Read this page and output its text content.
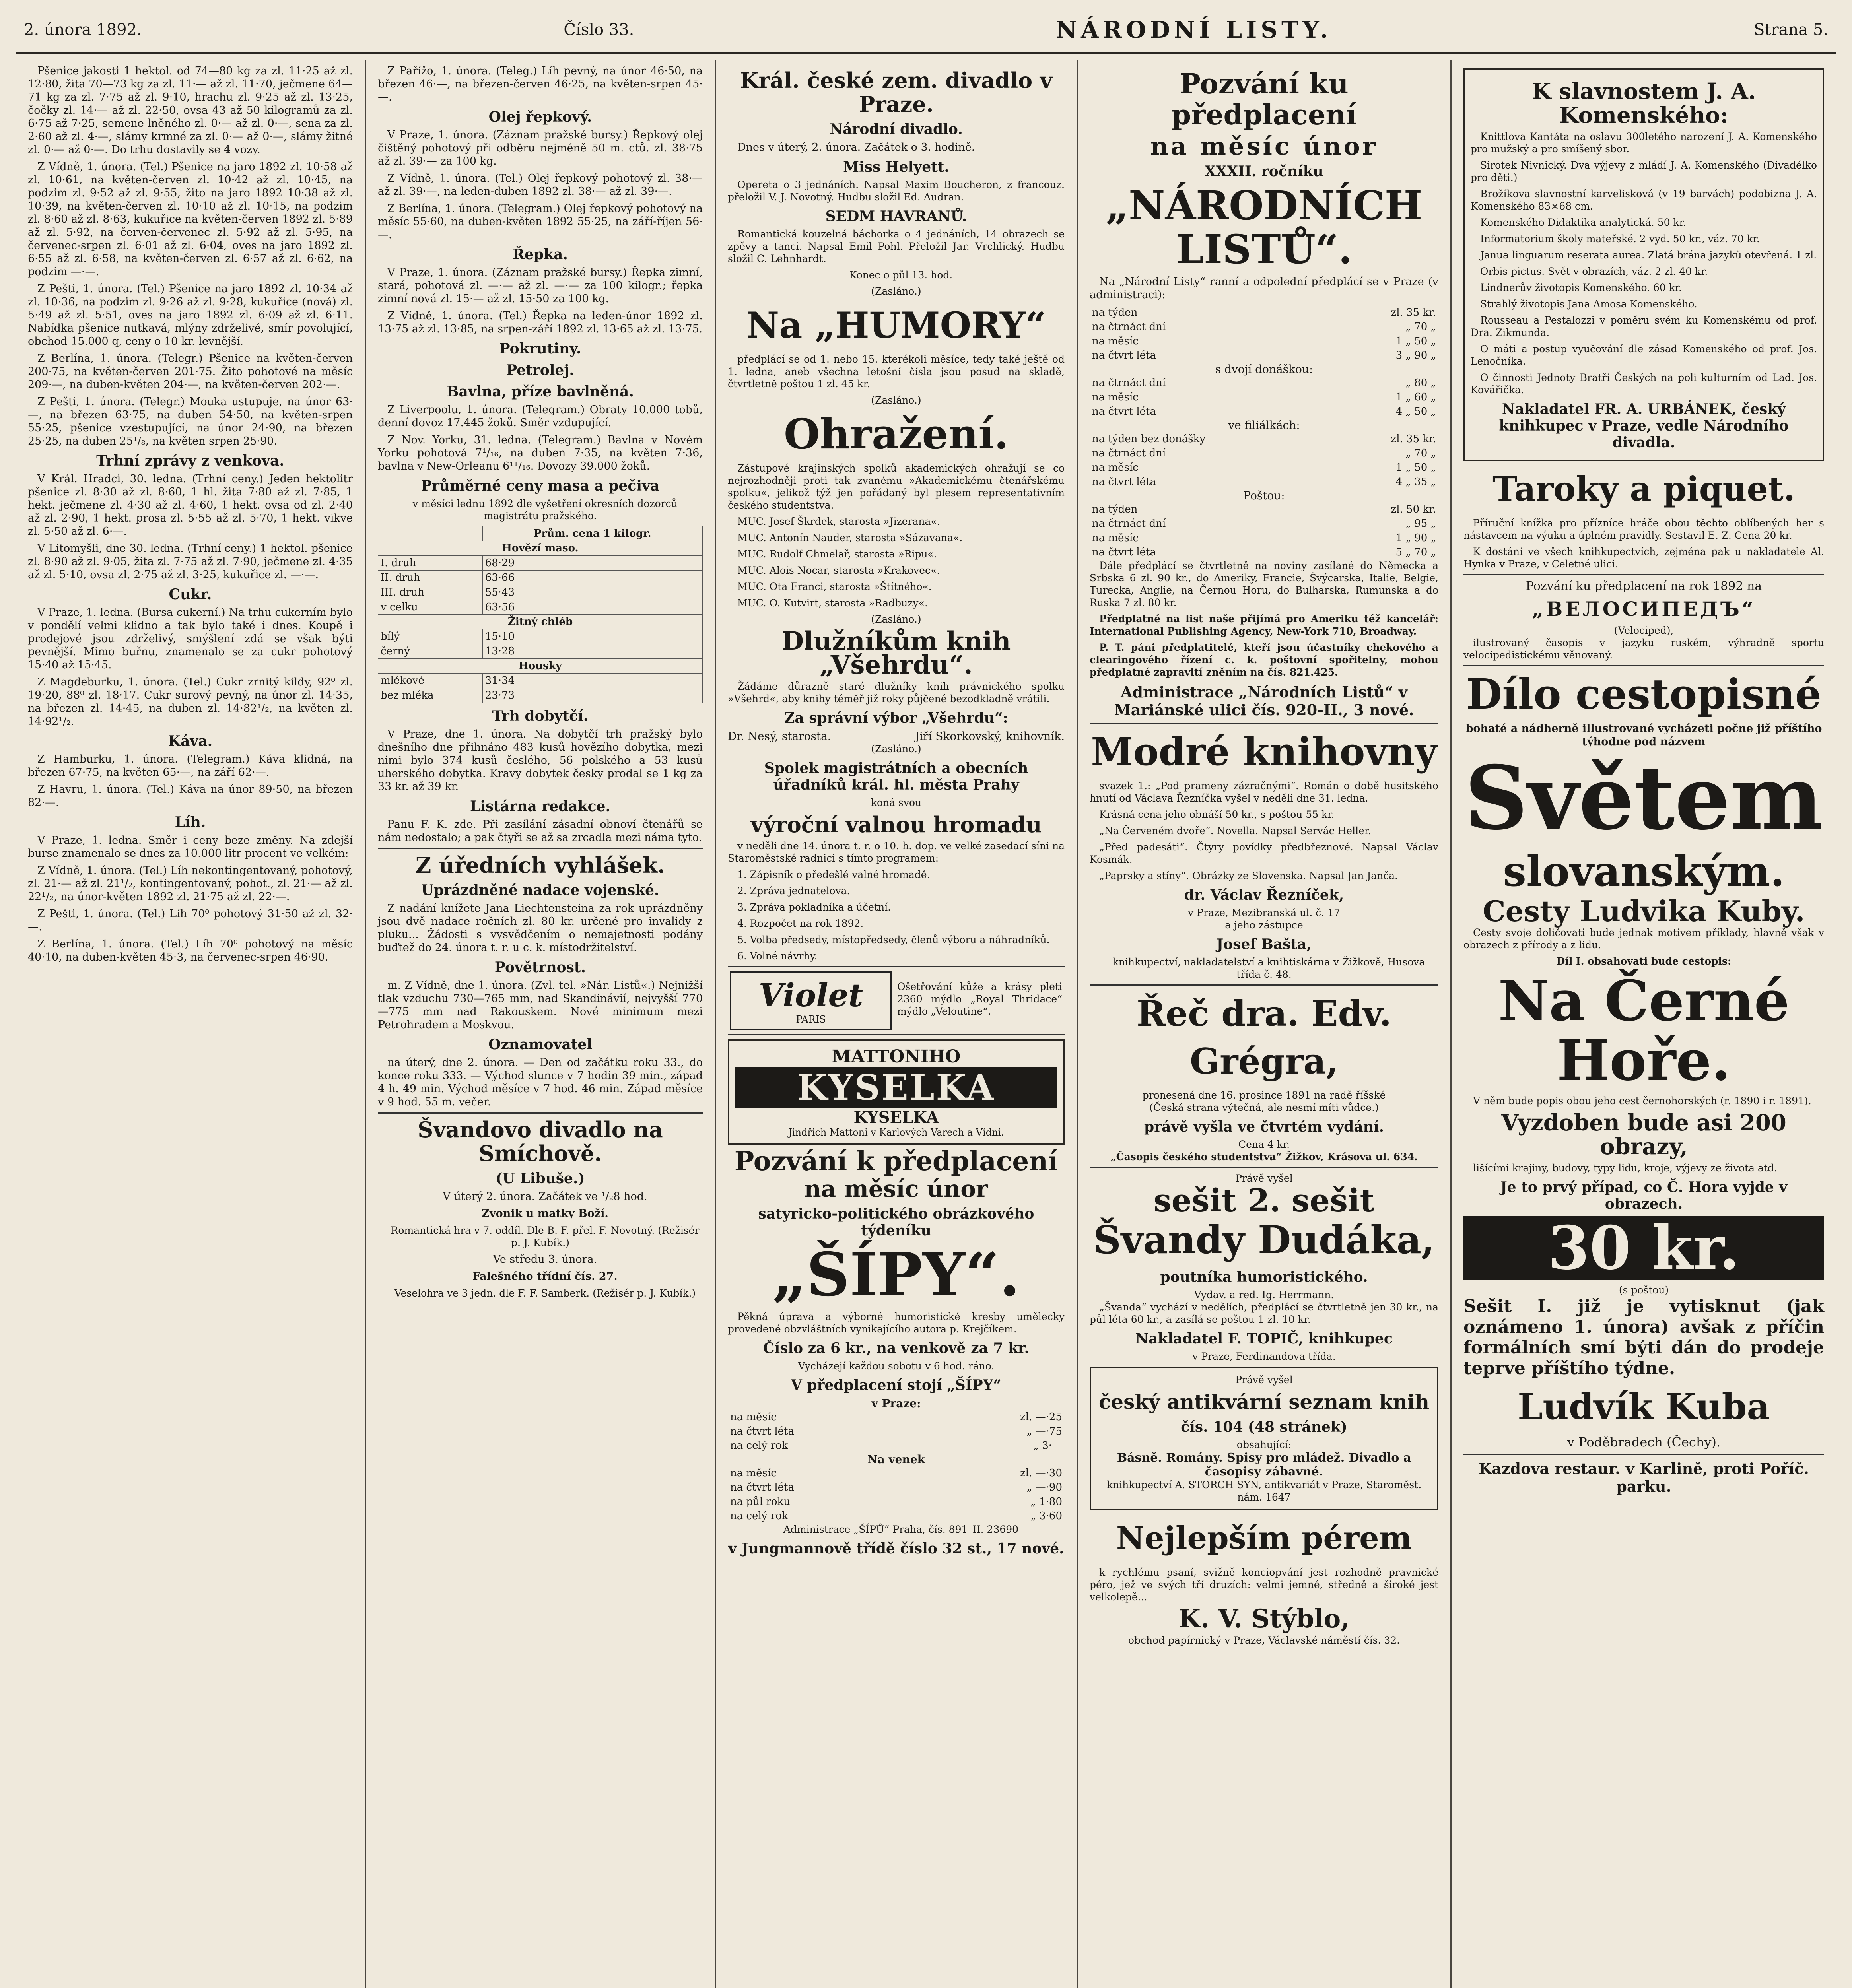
2. února 1892.	Číslo 33.	NÁRODNÍ LISTY.	Strana 5.

Pšenice jakosti 1 hektol. od 74—80 kg za zl. 11·25 až zl. 12·80, žita 70—73 kg za zl. 11·— až zl. 11·70, ječmene 64—71 kg za zl. 7·75 až zl. 9·10, hrachu zl. 9·25 až zl. 13·25, čočky zl. 14·— až zl. 22·50, ovsa 43 až 50 kilogramů za zl. 6·75 až 7·25, semene lněného zl. 0·— až zl. 0·—, sena za zl. 2·60 až zl. 4·—, slámy krmné za zl. 0·— až 0·—, slámy žitné zl. 0·— až 0·—. Do trhu dostavily se 4 vozy.

Z Vídně, 1. února. (Tel.) Pšenice na jaro 1892 zl. 10·58 až zl. 10·61, na květen-červen zl. 10·42 až zl. 10·45, na podzim zl. 9·52 až zl. 9·55, žito na jaro 1892 10·38 až zl. 10·39, na květen-červen zl. 10·10 až zl. 10·15, na podzim zl. 8·60 až zl. 8·63, kukuřice na květen-červen 1892 zl. 5·89 až zl. 5·92, na červen-červenec zl. 5·92 až zl. 5·95, na červenec-srpen zl. 6·01 až zl. 6·04, oves na jaro 1892 zl. 6·55 až zl. 6·58, na květen-červen zl. 6·57 až zl. 6·62, na podzim —·—.

Z Pešti, 1. února. (Tel.) Pšenice na jaro 1892 zl. 10·34 až zl. 10·36, na podzim zl. 9·26 až zl. 9·28, kukuřice (nová) zl. 5·49 až zl. 5·51, oves na jaro 1892 zl. 6·09 až zl. 6·11. Nabídka pšenice nutkavá, mlýny zdrželivé, smír povolující, obchod 15.000 q, ceny o 10 kr. levnější.

Z Berlína, 1. února. (Telegr.) Pšenice na květen-červen 200·75, na květen-červen 201·75. Žito pohotové na měsíc 209·—, na duben-květen 204·—, na květen-červen 202·—.

Z Pešti, 1. února. (Telegr.) Mouka ustupuje, na únor 63·—, na březen 63·75, na duben 54·50, na květen-srpen 55·25, pšenice vzestupující, na únor 24·90, na březen 25·25, na duben 25¹/₈, na květen srpen 25·90.

Trhní zprávy z venkova.

V Král. Hradci, 30. ledna. (Trhní ceny.) Jeden hektolitr pšenice zl. 8·30 až zl. 8·60, 1 hl. žita 7·80 až zl. 7·85, 1 hekt. ječmene zl. 4·30 až zl. 4·60, 1 hekt. ovsa od zl. 2·40 až zl. 2·90, 1 hekt. prosa zl. 5·55 až zl. 5·70, 1 hekt. vikve zl. 5·50 až zl. 6·—.

V Litomyšli, dne 30. ledna. (Trhní ceny.) 1 hektol. pšenice zl. 8·90 až zl. 9·05, žita zl. 7·75 až zl. 7·90, ječmene zl. 4·35 až zl. 5·10, ovsa zl. 2·75 až zl. 3·25, kukuřice zl. —·—.

Cukr.

V Praze, 1. ledna. (Bursa cukerní.) Na trhu cukerním bylo v pondělí velmi klidno a tak bylo také i dnes. Koupě i prodejové jsou zdrželivý, smýšlení zdá se však býti pevnější. Mimo buřnu, znamenalo se za cukr pohotový 15·40 až 15·45.

Z Magdeburku, 1. února. (Tel.) Cukr zrnitý kildy, 92⁰ zl. 19·20, 88⁰ zl. 18·17. Cukr surový pevný, na únor zl. 14·35, na březen zl. 14·45, na duben zl. 14·82¹/₂, na květen zl. 14·92¹/₂.

Káva.

Z Hamburku, 1. února. (Telegram.) Káva klidná, na březen 67·75, na květen 65·—, na září 62·—.

Z Havru, 1. února. (Tel.) Káva na únor 89·50, na březen 82·—.

Líh.

V Praze, 1. ledna. Směr i ceny beze změny. Na zdejší burse znamenalo se dnes za 10.000 litr procent ve velkém:

Z Vídně, 1. února. (Tel.) Líh nekontingentovaný, pohotový, zl. 21·— až zl. 21¹/₂, kontingentovaný, pohot., zl. 21·— až zl. 22¹/₂, na únor-květen 1892 zl. 21·75 až zl. 22·—.

Z Pešti, 1. února. (Tel.) Líh 70⁰ pohotový 31·50 až zl. 32·—.

Z Berlína, 1. února. (Tel.) Líh 70⁰ pohotový na měsíc 40·10, na duben-květen 45·3, na červenec-srpen 46·90.

Z Pařížo, 1. února. (Teleg.) Líh pevný, na únor 46·50, na březen 46·—, na březen-červen 46·25, na květen-srpen 45·—.

Olej řepkový.

V Praze, 1. února. (Záznam pražské bursy.) Řepkový olej čištěný pohotový při odběru nejméně 50 m. ctů. zl. 38·75 až zl. 39·— za 100 kg.

Z Vídně, 1. února. (Tel.) Olej řepkový pohotový zl. 38·— až zl. 39·—, na leden-duben 1892 zl. 38·— až zl. 39·—.

Z Berlína, 1. února. (Telegram.) Olej řepkový pohotový na měsíc 55·60, na duben-květen 1892 55·25, na září-říjen 56·—.

Řepka.

V Praze, 1. února. (Záznam pražské bursy.) Řepka zimní, stará, pohotová zl. —·— až zl. —·— za 100 kilogr.; řepka zimní nová zl. 15·— až zl. 15·50 za 100 kg.

Z Vídně, 1. února. (Tel.) Řepka na leden-únor 1892 zl. 13·75 až zl. 13·85, na srpen-září 1892 zl. 13·65 až zl. 13·75.

Pokrutiny.
Petrolej.
Bavlna, příze bavlněná.

Z Liverpoolu, 1. února. (Telegram.) Obraty 10.000 tobů, denní dovoz 17.445 žoků. Směr vzdupující.

Z Nov. Yorku, 31. ledna. (Telegram.) Bavlna v Novém Yorku pohotová 7¹/₁₆, na duben 7·35, na květen 7·36, bavlna v New-Orleanu 6¹¹/₁₆. Dovozy 39.000 žoků.

Průměrné ceny masa a pečiva

v měsíci lednu 1892 dle vyšetření okresních dozorců magistrátu pražského.

	Prům. cena 1 kilogr.
Hovězí maso.	
I. druh	68·29
II. druh	63·66
III. druh	55·43
v celku	63·56
Žitný chléb	
bílý	15·10
černý	13·28
Housky	
mlékové	31·34
bez mléka	23·73
Trh dobytčí.

V Praze, dne 1. února. Na dobytčí trh pražský bylo dnešního dne přihnáno 483 kusů hovězího dobytka, mezi nimi bylo 374 kusů česlého, 56 polského a 53 kusů uherského dobytka. Kravy dobytek česky prodal se 1 kg za 33 kr. až 39 kr.

Listárna redakce.

Panu F. K. zde. Při zasílání zásadní obnoví čtenářů se nám nedostalo; a pak čtyři se až sa zrcadla mezi náma tyto.

Z úředních vyhlášek.
Uprázdněné nadace vojenské.

Z nadání knížete Jana Liechtensteina za rok uprázdněny jsou dvě nadace ročních zl. 80 kr. určené pro invalidy z pluku... Žádosti s vysvědčením o nemajetnosti podány buďtež do 24. února t. r. u c. k. místodržitelství.

Povětrnost.

m. Z Vídně, dne 1. února. (Zvl. tel. »Nár. Listů«.) Nejnižší tlak vzduchu 730—765 mm, nad Skandinávií, nejvyšší 770—775 mm nad Rakouskem. Nové minimum mezi Petrohradem a Moskvou.

Oznamovatel

na úterý, dne 2. února. — Den od začátku roku 33., do konce roku 333. — Východ slunce v 7 hodin 39 min., západ 4 h. 49 min. Východ měsíce v 7 hod. 46 min. Západ měsíce v 9 hod. 55 m. večer.

Švandovo divadlo na Smíchově.
(U Libuše.)

V úterý 2. února. Začátek ve ¹/₂8 hod.

Zvonik u matky Boží.

Romantická hra v 7. oddíl. Dle B. F. přel. F. Novotný. (Režisér p. J. Kubík.)

Ve středu 3. února.

Falešného třídní čís. 27.

Veselohra ve 3 jedn. dle F. F. Samberk. (Režisér p. J. Kubík.)

Král. české zem. divadlo v Praze.
Národní divadlo.

Dnes v úterý, 2. února. Začátek o 3. hodině.

Miss Helyett.

Opereta o 3 jednáních. Napsal Maxim Boucheron, z francouz. přeložil V. J. Novotný. Hudbu složil Ed. Audran.

SEDM HAVRANŮ.

Romantická kouzelná báchorka o 4 jednáních, 14 obrazech se zpěvy a tanci. Napsal Emil Pohl. Přeložil Jar. Vrchlický. Hudbu složil C. Lehnhardt.

Konec o půl 13. hod.

(Zasláno.)
Na „HUMORY“

předplácí se od 1. nebo 15. kterékoli měsíce, tedy také ještě od 1. ledna, aneb všechna letošní čísla jsou posud na skladě, čtvrtletně poštou 1 zl. 45 kr.

(Zasláno.)
Ohražení.

Zástupové krajinských spolků akademických ohražují se co nejrozhodněji proti tak zvanému »Akademickému čtenářskému spolku«, jelikož týž jen pořádaný byl plesem representativním českého studentstva.

MUC. Josef Škrdek, starosta »Jizerana«.

MUC. Antonín Nauder, starosta »Sázavana«.

MUC. Rudolf Chmelař, starosta »Ripu«.

MUC. Alois Nocar, starosta »Krakovec«.

MUC. Ota Franci, starosta »Štítného«.

MUC. O. Kutvirt, starosta »Radbuzy«.

(Zasláno.)
Dlužníkům knih „Všehrdu“.

Žádáme důrazně staré dlužníky knih právnického spolku »Všehrd«, aby knihy téměř již roky půjčené bezodkladně vrátili.

Za správní výbor „Všehrdu“:
Dr. Nesý, starosta.	Jiří Skorkovský, knihovník.
(Zasláno.)
Spolek magistrátních a obecních úřadníků král. hl. města Prahy
koná svou
výroční valnou hromadu

v neděli dne 14. února t. r. o 10. h. dop. ve velké zasedací síni na Staroměstské radnici s tímto programem:

1. Zápisník o předešlé valné hromadě.

2. Zpráva jednatelova.

3. Zpráva pokladníka a účetní.

4. Rozpočet na rok 1892.

5. Volba předsedy, místopředsedy, členů výboru a náhradníků.

6. Volné návrhy.

Violet
PARIS

Ošetřování kůže a krásy pleti 2360 mýdlo „Royal Thridace“ mýdlo „Veloutine“.

MATTONIHO
KYSELKA
KYSELKA
Jindřich Mattoni v Karlových Varech a Vídni.
Pozvání k předplacení
na měsíc únor
satyricko-politického obrázkového týdeníku
„ŠÍPY“.

Pěkná úprava a výborné humoristické kresby umělecky provedené obzvláštních vynikajícího autora p. Krejčíkem.

Číslo za 6 kr., na venkově za 7 kr.
Vycházejí každou sobotu v 6 hod. ráno.
V předplacení stojí „ŠÍPY“
v Praze:
na měsíc	zl. —·25
na čtvrt léta	„ —·75
na celý rok	„ 3·—
Na venek
na měsíc	zl. —·30
na čtvrt léta	„ —·90
na půl roku	„ 1·80
na celý rok	„ 3·60

Administrace „ŠÍPŮ“ Praha, čís. 891–II. 23690

v Jungmannově třídě číslo 32 st., 17 nové.
Pozvání ku předplacení
na měsíc únor
XXXII. ročníku
„NÁRODNÍCH LISTŮ“.

Na „Národní Listy“ ranní a odpolední předplácí se v Praze (v administraci):

na týden	zl. 35 kr.
na čtrnáct dní	„ 70 „
na měsíc	1 „ 50 „
na čtvrt léta	3 „ 90 „
s dvojí donáškou:
na čtrnáct dní	„ 80 „
na měsíc	1 „ 60 „
na čtvrt léta	4 „ 50 „
ve filiálkách:
na týden bez donášky	zl. 35 kr.
na čtrnáct dní	„ 70 „
na měsíc	1 „ 50 „
na čtvrt léta	4 „ 35 „
Poštou:
na týden	zl. 50 kr.
na čtrnáct dní	„ 95 „
na měsíc	1 „ 90 „
na čtvrt léta	5 „ 70 „

Dále předplácí se čtvrtletně na noviny zasílané do Německa a Srbska 6 zl. 90 kr., do Ameriky, Francie, Švýcarska, Italie, Belgie, Turecka, Anglie, na Černou Horu, do Bulharska, Rumunska a do Ruska 7 zl. 80 kr.

Předplatné na list naše přijímá pro Ameriku též kancelář: International Publishing Agency, New-York 710, Broadway.

P. T. páni předplatitelé, kteří jsou účastníky chekového a clearingového řízení c. k. poštovní spořitelny, mohou předplatné zapravití zněním na čís. 821.425.

Administrace „Národních Listů“ v Mariánské ulici čís. 920-II., 3 nové.
Modré knihovny

svazek 1.: „Pod prameny zázračnými“. Román o době husitského hnutí od Václava Řezníčka vyšel v neděli dne 31. ledna.

Krásná cena jeho obnáší 50 kr., s poštou 55 kr.

„Na Červeném dvoře“. Novella. Napsal Servác Heller.

„Před padesáti“. Čtyry povídky předbřeznové. Napsal Václav Kosmák.

„Paprsky a stíny“. Obrázky ze Slovenska. Napsal Jan Janča.

dr. Václav Řezníček,
v Praze, Mezibranská ul. č. 17
a jeho zástupce
Josef Bašta,

knihkupectví, nakladatelství a knihtiskárna v Žižkově, Husova třída č. 48.

Řeč dra. Edv. Grégra,
pronesená dne 16. prosince 1891 na radě říšské
(Česká strana výtečná, ale nesmí míti vůdce.)
právě vyšla ve čtvrtém vydání.
Cena 4 kr.
„Časopis českého studentstva“ Žižkov, Krásova ul. 634.
Právě vyšel
sešit 2. sešit
Švandy Dudáka,
poutníka humoristického.
Vydav. a red. Ig. Herrmann.

„Švanda“ vychází v nedělích, předplácí se čtvrtletně jen 30 kr., na půl léta 60 kr., a zasílá se poštou 1 zl. 10 kr.

Nakladatel F. TOPIČ, knihkupec
v Praze, Ferdinandova třída.
Právě vyšel
český antikvární seznam knih
čís. 104 (48 stránek)
obsahující:
Básně. Romány. Spisy pro mládež. Divadlo a časopisy zábavné.
knihkupectví A. STORCH SYN, antikvariát v Praze, Staroměst. nám. 1647
Nejlepším pérem

k rychlému psaní, svižně konciopvání jest rozhodně pravnické péro, jež ve svých tří druzích: velmi jemné, středně a široké jest velkolepě...

K. V. Stýblo,
obchod papírnický v Praze, Václavské náměstí čís. 32.
K slavnostem J. A. Komenského:

Knittlova Kantáta na oslavu 300letého narození J. A. Komenského pro mužský a pro smíšený sbor.

Sirotek Nivnický. Dva výjevy z mládí J. A. Komenského (Divadélko pro děti.)

Brožíkova slavnostní karvelisková (v 19 barvách) podobizna J. A. Komenského 83×68 cm.

Komenského Didaktika analytická. 50 kr.

Informatorium školy mateřské. 2 vyd. 50 kr., váz. 70 kr.

Janua linguarum reserata aurea. Zlatá brána jazyků otevřená. 1 zl.

Orbis pictus. Svět v obrazích, váz. 2 zl. 40 kr.

Lindnerův životopis Komenského. 60 kr.

Strahlý životopis Jana Amosa Komenského.

Rousseau a Pestalozzi v poměru svém ku Komenskému od prof. Dra. Zikmunda.

O máti a postup vyučování dle zásad Komenského od prof. Jos. Lenočníka.

O činnosti Jednoty Bratří Českých na poli kulturním od Lad. Jos. Kovářička.

Nakladatel FR. A. URBÁNEK, český knihkupec v Praze, vedle Národního divadla.
Taroky a piquet.

Příruční knížka pro přízníce hráče obou těchto oblíbených her s nástavcem na výuku a úplném pravidly. Sestavil E. Z. Cena 20 kr.

K dostání ve všech knihkupectvích, zejména pak u nakladatele Al. Hynka v Praze, v Celetné ulici.

Pozvání ku předplacení na rok 1892 na
„ВЕЛОСИПЕДЪ“
(Velociped),

ilustrovaný časopis v jazyku ruském, výhradně sportu velocipedistickému věnovaný.

Dílo cestopisné

bohaté a nádherně illustrované vycházeti počne již příštího týhodne pod názvem

Světem
slovanským.
Cesty Ludvika Kuby.

Cesty svoje doličovati bude jednak motivem příklady, hlavně však v obrazech z přírody a z lidu.

Díl I. obsahovati bude cestopis:
Na Černé Hoře.

V něm bude popis obou jeho cest černohorských (r. 1890 i r. 1891).

Vyzdoben bude asi 200 obrazy,

lišícími krajiny, budovy, typy lidu, kroje, výjevy ze života atd.

Je to prvý případ, co Č. Hora vyjde v obrazech.
30 kr.
(s poštou)

Sešit I. již je vytisknut (jak oznámeno 1. února) avšak z příčin formálních smí býti dán do prodeje teprve příštího týdne.

Ludvík Kuba
v Poděbradech (Čechy).
Kazdova restaur. v Karlině, proti Poříč. parku.
